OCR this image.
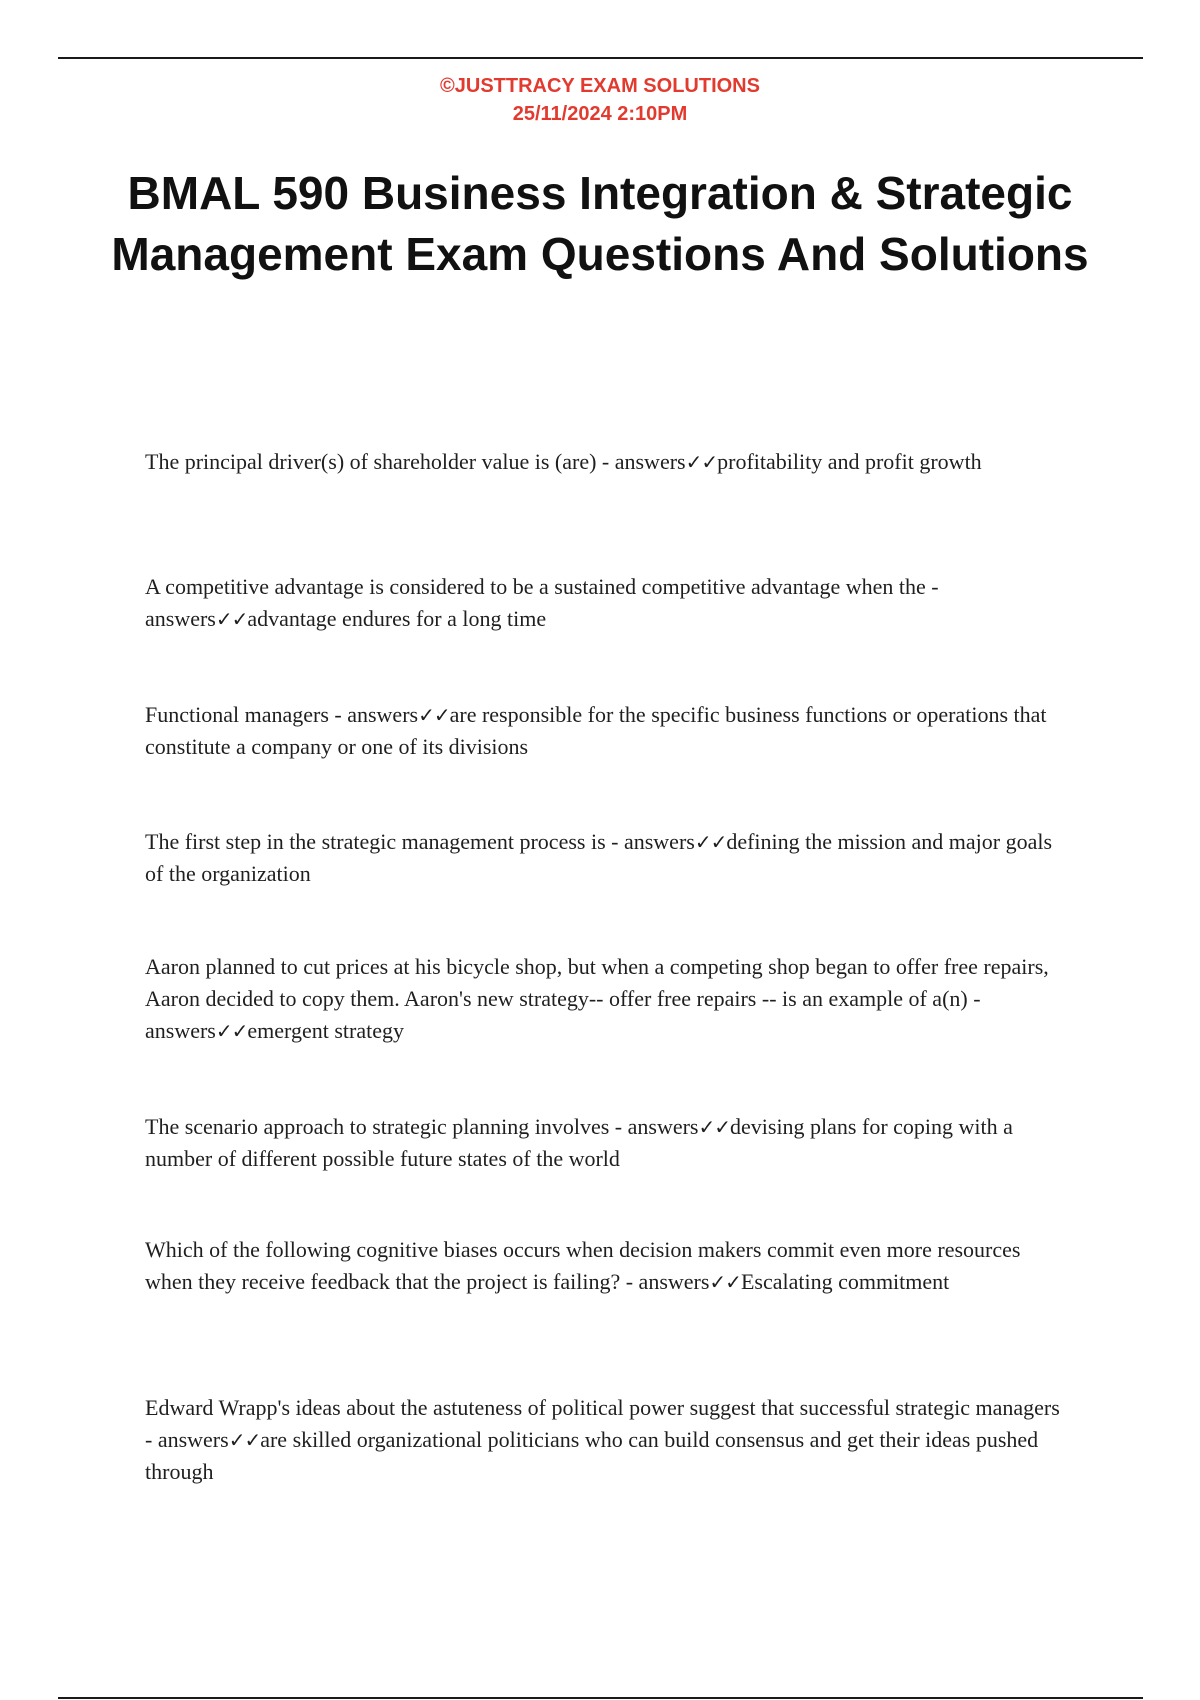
©JUSTTRACY EXAM SOLUTIONS
25/11/2024 2:10PM
BMAL 590 Business Integration & Strategic Management Exam Questions And Solutions

The principal driver(s) of shareholder value is (are) - answers✓✓profitability and profit growth

A competitive advantage is considered to be a sustained competitive advantage when the - answers✓✓advantage endures for a long time

Functional managers - answers✓✓are responsible for the specific business functions or operations that constitute a company or one of its divisions

The first step in the strategic management process is - answers✓✓defining the mission and major goals of the organization

Aaron planned to cut prices at his bicycle shop, but when a competing shop began to offer free repairs, Aaron decided to copy them. Aaron's new strategy-- offer free repairs -- is an example of a(n) - answers✓✓emergent strategy

The scenario approach to strategic planning involves - answers✓✓devising plans for coping with a number of different possible future states of the world

Which of the following cognitive biases occurs when decision makers commit even more resources when they receive feedback that the project is failing? - answers✓✓Escalating commitment

Edward Wrapp's ideas about the astuteness of political power suggest that successful strategic managers - answers✓✓are skilled organizational politicians who can build consensus and get their ideas pushed through
